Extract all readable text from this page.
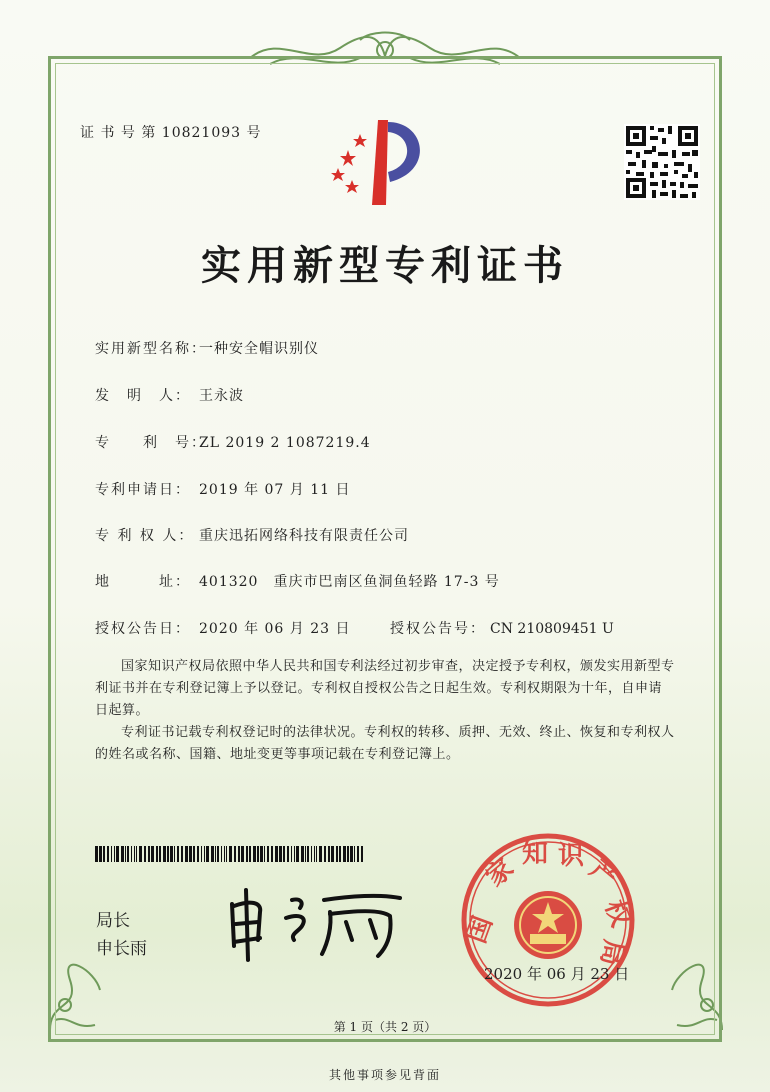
证 书 号 第 10821093 号
实用新型专利证书
实用新型名称：一种安全帽识别仪
发　明　人： 王永波
专　　利　号：ZL 2019 2 1087219.4
专利申请日： 2019 年 07 月 11 日
专 利 权 人： 重庆迅拓网络科技有限责任公司
地　　　址： 401320　重庆市巴南区鱼洞鱼轻路 17-3 号
授权公告日： 2020 年 06 月 23 日	授权公告号： CN 210809451 U
国家知识产权局依照中华人民共和国专利法经过初步审查，决定授予专利权，颁发实用新型专利证书并在专利登记簿上予以登记。专利权自授权公告之日起生效。专利权期限为十年，自申请日起算。
专利证书记载专利权登记时的法律状况。专利权的转移、质押、无效、终止、恢复和专利权人的姓名或名称、国籍、地址变更等事项记载在专利登记簿上。
局长
申长雨
国
家 知 识 产
权
局
2020 年 06 月 23 日
第 1 页（共 2 页）
其他事项参见背面
